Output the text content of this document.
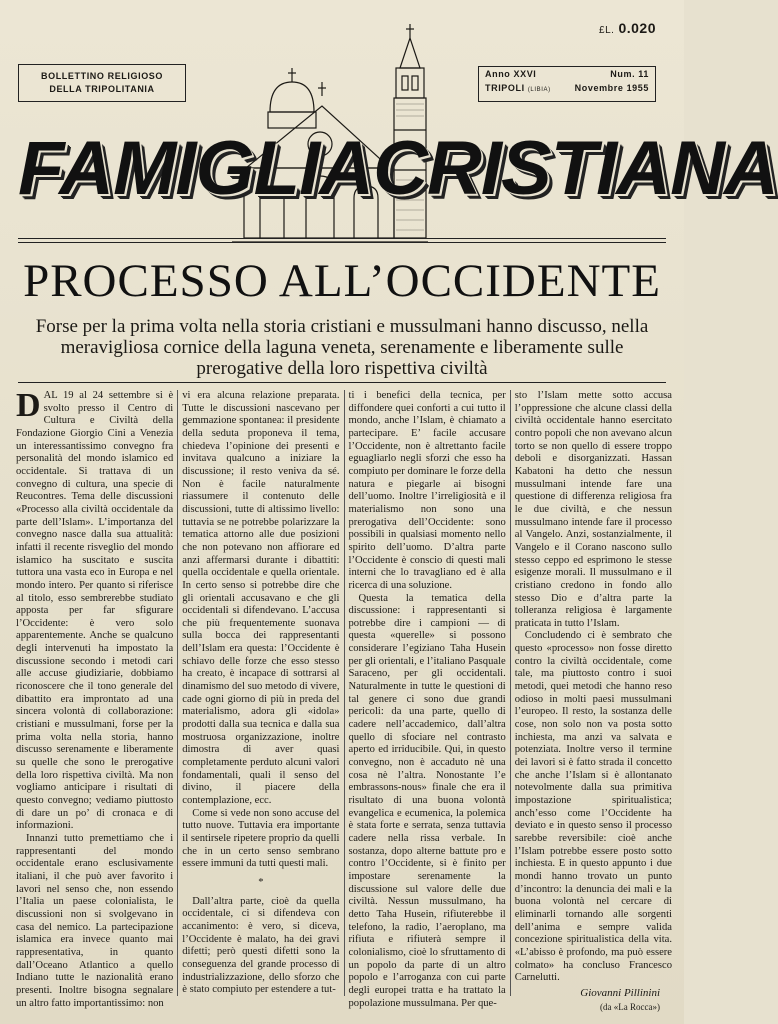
£L. 0.020
BOLLETTINO RELIGIOSO
DELLA TRIPOLITANIA
Anno XXVI	Num. 11
TRIPOLI (LIBIA)	Novembre 1955
FAMIGLIA CRISTIANA
PROCESSO ALL’OCCIDENTE
Forse per la prima volta nella storia cristiani e mussulmani hanno discusso, nella meravigliosa cornice della laguna veneta, serenamente e liberamente sulle prerogative della loro rispettiva civiltà

DAL 19 al 24 settembre si è svolto presso il Centro di Cultura e Civiltà della Fondazione Giorgio Cini a Venezia un interessantissimo convegno fra personalità del mondo islamico ed occidentale. Si trattava di un convegno di cultura, una specie di Reucontres. Tema delle discussioni «Processo alla civiltà occidentale da parte dell’Islam». L’importanza del convegno nasce dalla sua attualità: infatti il recente risveglio del mondo islamico ha suscitato e suscita tuttora una vasta eco in Europa e nel mondo intero. Per quanto si riferisce al titolo, esso sembrerebbe studiato apposta per far sfigurare l’Occidente: è vero solo apparentemente. Anche se qualcuno degli intervenuti ha impostato la discussione secondo i metodi cari alle accuse giudiziarie, dobbiamo riconoscere che il tono generale del dibattito era improntato ad una sincera volontà di collaborazione: cristiani e mussulmani, forse per la prima volta nella storia, hanno discusso serenamente e liberamente su quelle che sono le prerogative della loro rispettiva civiltà. Ma non vogliamo anticipare i risultati di questo convegno; vediamo piuttosto di dare un po’ di cronaca e di informazioni.

Innanzi tutto premettiamo che i rappresentanti del mondo occidentale erano esclusivamente italiani, il che può aver favorito i lavori nel senso che, non essendo l’Italia un paese colonialista, le discussioni non si svolgevano in casa del nemico. La partecipazione islamica era invece quanto mai rappresentativa, in quanto dall’Oceano Atlantico a quello Indiano tutte le nazionalità erano presenti. Inoltre bisogna segnalare un altro fatto importantissimo: non

vi era alcuna relazione preparata. Tutte le discussioni nascevano per gemmazione spontanea: il presidente della seduta proponeva il tema, chiedeva l’opinione dei presenti e invitava qualcuno a iniziare la discussione; il resto veniva da sé. Non è facile naturalmente riassumere il contenuto delle discussioni, tutte di altissimo livello: tuttavia se ne potrebbe polarizzare la tematica attorno alle due posizioni che non potevano non affiorare ed anzi affermarsi durante i dibattiti: quella occidentale e quella orientale. In certo senso si potrebbe dire che gli orientali accusavano e che gli occidentali si difendevano. L’accusa che più frequentemente suonava sulla bocca dei rappresentanti dell’Islam era questa: l’Occidente è schiavo delle forze che esso stesso ha creato, è incapace di sottrarsi al dinamismo del suo metodo di vivere, cade ogni giorno di più in preda del materialismo, adora gli «idola» prodotti dalla sua tecnica e dalla sua mostruosa organizzazione, inoltre dimostra di aver quasi completamente perduto alcuni valori fondamentali, quali il senso del divino, il piacere della contemplazione, ecc.

Come si vede non sono accuse del tutto nuove. Tuttavia era importante il sentirsele ripetere proprio da quelli che in un certo senso sembrano essere immuni da tutti questi mali.

*

Dall’altra parte, cioè da quella occidentale, ci si difendeva con accanimento: è vero, si diceva, l’Occidente è malato, ha dei gravi difetti; però questi difetti sono la conseguenza del grande processo di industrializzazione, dello sforzo che è stato compiuto per estendere a tut-

ti i benefici della tecnica, per diffondere quei conforti a cui tutto il mondo, anche l’Islam, è chiamato a partecipare. E’ facile accusare l’Occidente, non è altrettanto facile eguagliarlo negli sforzi che esso ha compiuto per dominare le forze della natura e piegarle ai bisogni dell’uomo. Inoltre l’irreligiosità e il materialismo non sono una prerogativa dell’Occidente: sono possibili in qualsiasi momento nello spirito dell’uomo. D’altra parte l’Occidente è conscio di questi mali interni che lo travagliano ed è alla ricerca di una soluzione.

Questa la tematica della discussione: i rappresentanti si potrebbe dire i campioni — di questa «querelle» si possono considerare l’egiziano Taha Husein per gli orientali, e l’italiano Pasquale Saraceno, per gli occidentali. Naturalmente in tutte le questioni di tal genere ci sono due grandi pericoli: da una parte, quello di cadere nell’accademico, dall’altra quello di sfociare nel contrasto aperto ed irriducibile. Qui, in questo convegno, non è accaduto nè una cosa nè l’altra. Nonostante l’e embrassons-nous» finale che era il risultato di una buona volontà evangelica e ecumenica, la polemica è stata forte e serrata, senza tuttavia cadere nella rissa verbale. In sostanza, dopo alterne battute pro e contro l’Occidente, si è finito per impostare serenamente la discussione sul valore delle due civiltà. Nessun mussulmano, ha detto Taha Husein, rifiuterebbe il telefono, la radio, l’aeroplano, ma rifiuta e rifiuterà sempre il colonialismo, cioè lo sfruttamento di un popolo da parte di un altro popolo e l’arroganza con cui parte degli europei tratta e ha trattato la popolazione mussulmana. Per que-

sto l’Islam mette sotto accusa l’oppressione che alcune classi della civiltà occidentale hanno esercitato contro popoli che non avevano alcun torto se non quello di essere troppo deboli e disorganizzati. Hassan Kabatoni ha detto che nessun mussulmani intende fare una questione di differenza religiosa fra le due civiltà, e che nessun mussulmano intende fare il processo al Vangelo. Anzi, sostanzialmente, il Vangelo e il Corano nascono sullo stesso ceppo ed esprimono le stesse esigenze morali. Il mussulmano e il cristiano credono in fondo allo stesso Dio e d’altra parte la tolleranza religiosa è largamente praticata in tutto l’Islam.

Concludendo ci è sembrato che questo «processo» non fosse diretto contro la civiltà occidentale, come tale, ma piuttosto contro i suoi metodi, quei metodi che hanno reso odioso in molti paesi mussulmani l’europeo. Il resto, la sostanza delle cose, non solo non va posta sotto inchiesta, ma anzi va salvata e potenziata. Inoltre verso il termine dei lavori si è fatto strada il concetto che anche l’Islam si è allontanato notevolmente dalla sua primitiva impostazione spiritualistica; anch’esso come l’Occidente ha deviato e in questo senso il processo sarebbe reversibile: cioè anche l’Islam potrebbe essere posto sotto inchiesta. E in questo appunto i due mondi hanno trovato un punto d’incontro: la denuncia dei mali e la buona volontà nel cercare di eliminarli tornando alle sorgenti dell’anima e sempre valida concezione spiritualistica della vita. «L’abisso è profondo, ma può essere colmato» ha concluso Francesco Carnelutti.

Giovanni Pillinini
(da «La Rocca»)
